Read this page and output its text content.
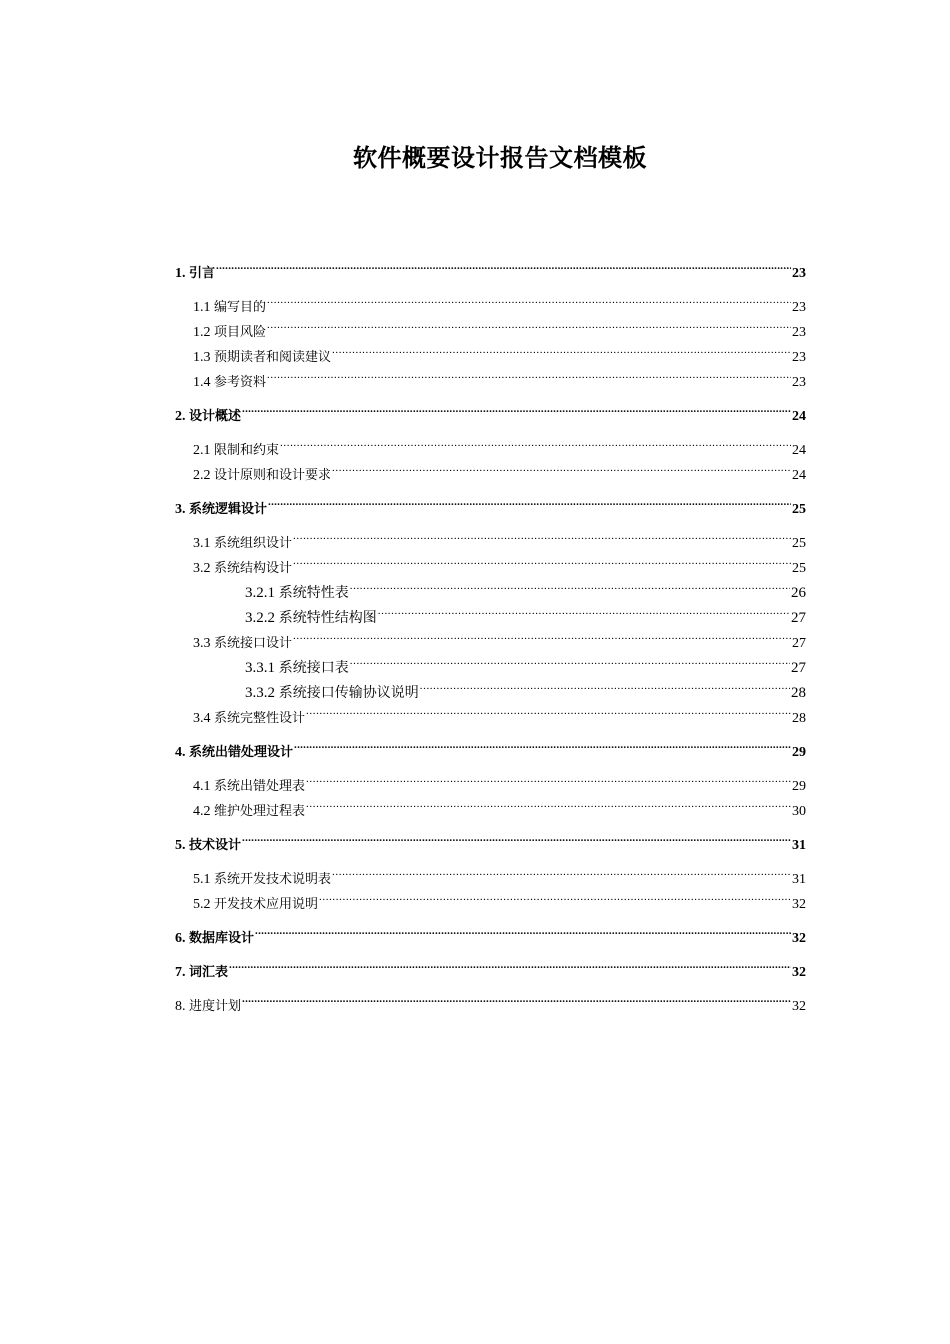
软件概要设计报告文档模板
1. 引言 .....	23
1.1 编写目的 .....	23
1.2 项目风险 .....	23
1.3 预期读者和阅读建议 .....	23
1.4 参考资料 .....	23
2. 设计概述 .....	24
2.1 限制和约束 .....	24
2.2 设计原则和设计要求 .....	24
3. 系统逻辑设计 .....	25
3.1 系统组织设计 .....	25
3.2 系统结构设计 .....	25
3.2.1 系统特性表 .....	26
3.2.2 系统特性结构图 .....	27
3.3 系统接口设计 .....	27
3.3.1 系统接口表 .....	27
3.3.2 系统接口传输协议说明 .....	28
3.4 系统完整性设计 .....	28
4. 系统出错处理设计 .....	29
4.1 系统出错处理表 .....	29
4.2 维护处理过程表 .....	30
5. 技术设计 .....	31
5.1 系统开发技术说明表 .....	31
5.2 开发技术应用说明 .....	32
6. 数据库设计 .....	32
7. 词汇表 .....	32
8. 进度计划 .....	32
